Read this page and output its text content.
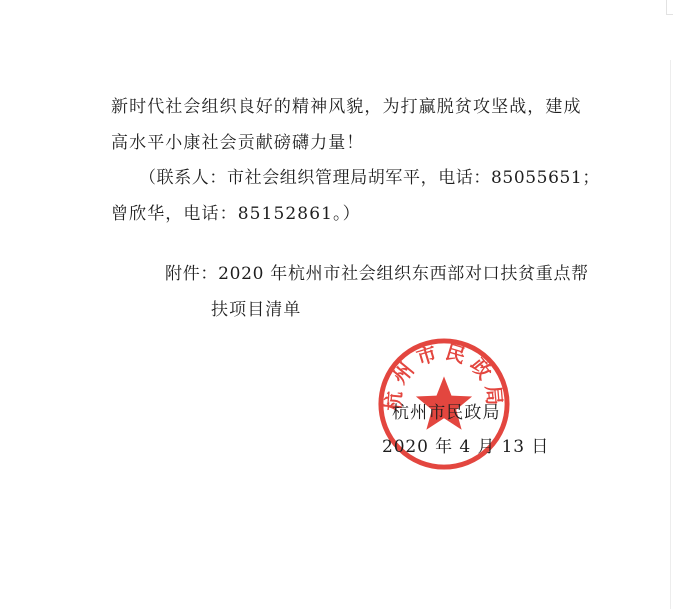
新时代社会组织良好的精神风貌，为打赢脱贫攻坚战，建成
高水平小康社会贡献磅礴力量！
（联系人：市社会组织管理局胡军平，电话：85055651；
曾欣华，电话：85152861。）
附件：2020 年杭州市社会组织东西部对口扶贫重点帮
扶项目清单
杭州市民政局
杭州市民政局
2020 年 4 月 13 日
